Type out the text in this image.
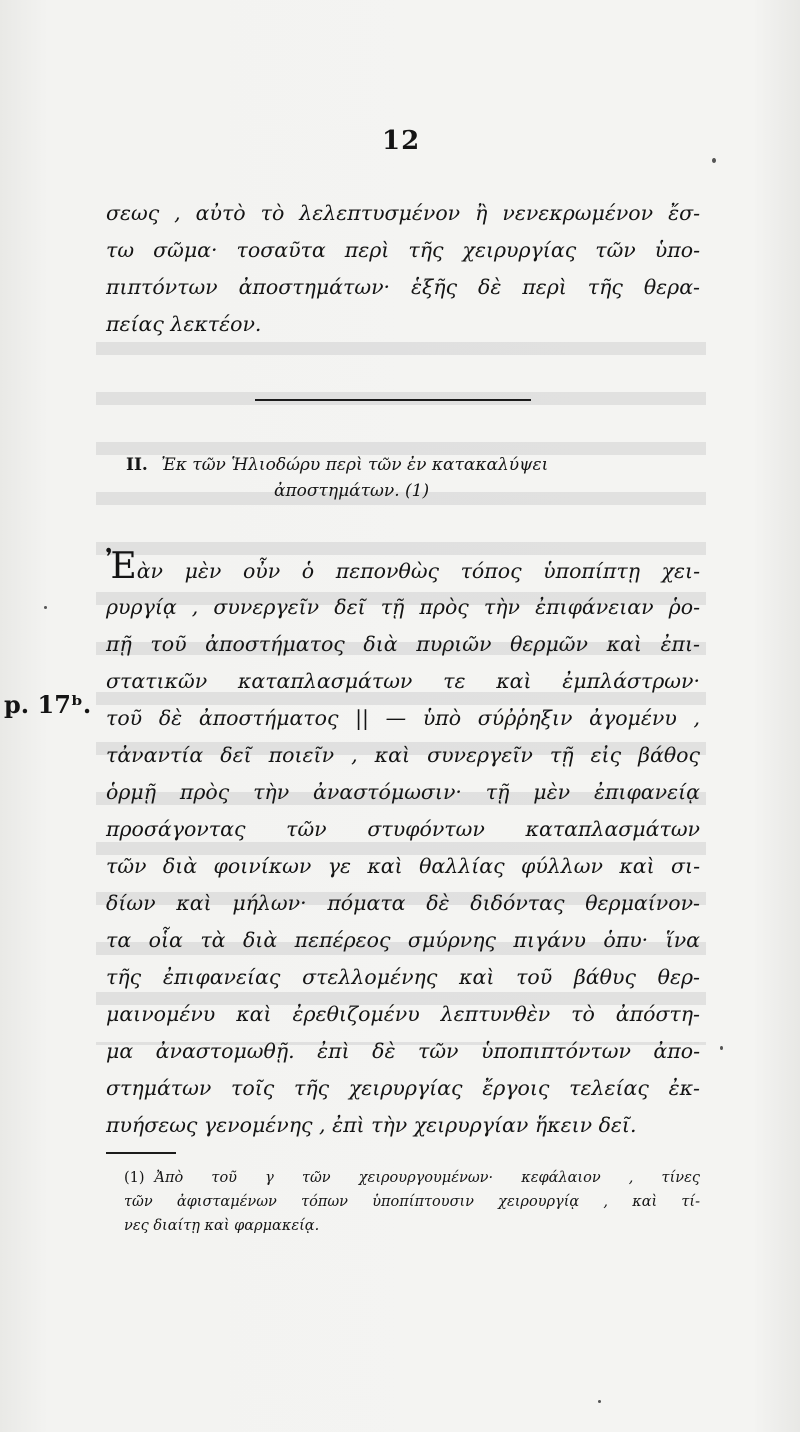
12
σεως , αὐτὸ τὸ λελεπτυσμένον ἢ νενεκρωμένον ἔσ-
τω σῶμα· τοσαῦτα περὶ τῆς χειρυργίας τῶν ὑπο-
πιπτόντων ἀποστημάτων· ἑξῆς δὲ περὶ τῆς θερα-
πείας λεκτέον.
II. Ἐκ τῶν Ἡλιοδώρυ περὶ τῶν ἐν κατακαλύψει
ἀποστημάτων. (1)
p. 17ᵇ.
Ἐὰν μὲν οὖν ὁ πεπονθὼς τόπος ὑποπίπτῃ χει-
ρυργίᾳ , συνεργεῖν δεῖ τῇ πρὸς τὴν ἐπιφάνειαν ῥο-
πῇ τοῦ ἀποστήματος διὰ πυριῶν θερμῶν καὶ ἐπι-
στατικῶν καταπλασμάτων τε καὶ ἐμπλάστρων·
τοῦ δὲ ἀποστήματος || — ὑπὸ σύῤῥηξιν ἀγομένυ ,
τἀναντία δεῖ ποιεῖν , καὶ συνεργεῖν τῇ εἰς βάθος
ὁρμῇ πρὸς τὴν ἀναστόμωσιν· τῇ μὲν ἐπιφανείᾳ
προσάγοντας τῶν στυφόντων καταπλασμάτων
τῶν διὰ φοινίκων γε καὶ θαλλίας φύλλων καὶ σι-
δίων καὶ μήλων· πόματα δὲ διδόντας θερμαίνον-
τα οἷα τὰ διὰ πεπέρεος σμύρνης πιγάνυ ὁπυ· ἵνα
τῆς ἐπιφανείας στελλομένης καὶ τοῦ βάθυς θερ-
μαινομένυ καὶ ἐρεθιζομένυ λεπτυνθὲν τὸ ἀπόστη-
μα ἀναστομωθῇ. ἐπὶ δὲ τῶν ὑποπιπτόντων ἀπο-
στημάτων τοῖς τῆς χειρυργίας ἔργοις τελείας ἐκ-
πυήσεως γενομένης , ἐπὶ τὴν χειρυργίαν ἥκειν δεῖ.
(1) Ἀπὸ τοῦ γ τῶν χειρουργουμένων· κεφάλαιον , τίνες
τῶν ἀφισταμένων τόπων ὑποπίπτουσιν χειρουργίᾳ , καὶ τί-
νες διαίτῃ καὶ φαρμακείᾳ.
